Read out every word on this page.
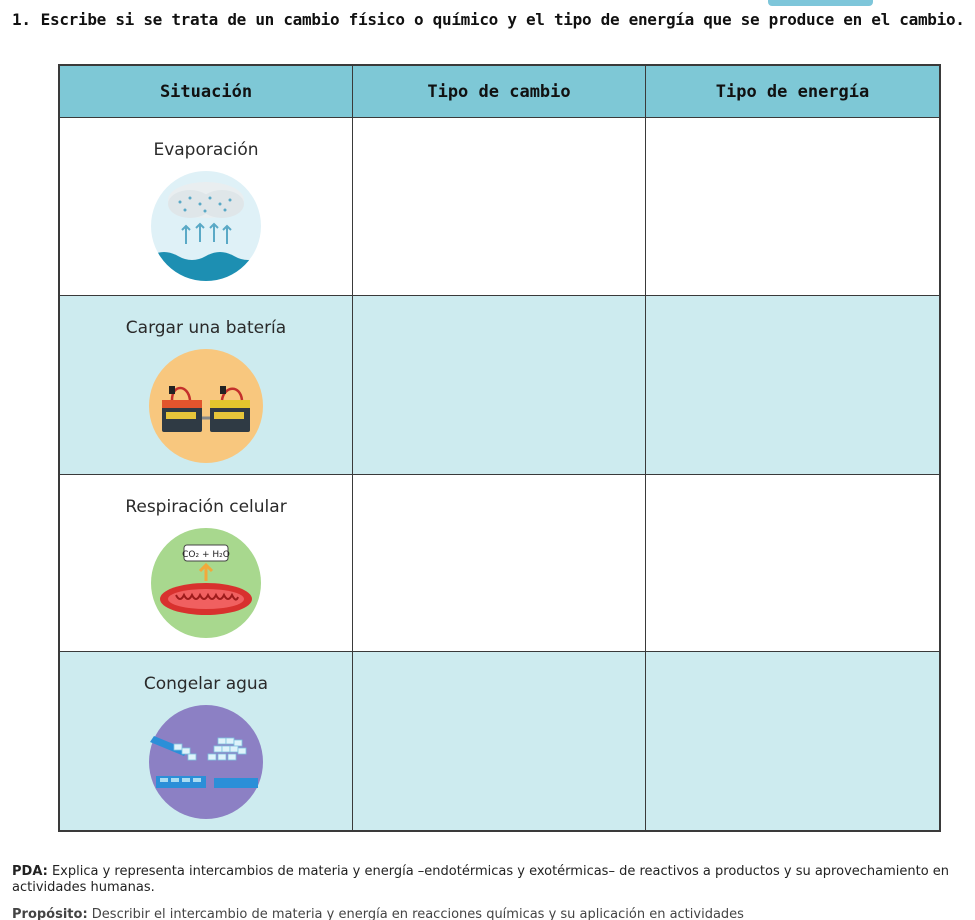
1. Escribe si se trata de un cambio físico o químico y el tipo de energía que se produce en el cambio.
Situación	Tipo de cambio	Tipo de energía
Evaporación
Cargar una batería
Respiración celular
CO₂ + H₂O
Congelar agua
PDA: Explica y representa intercambios de materia y energía –endotérmicas y exotérmicas– de reactivos a productos y su aprovechamiento en actividades humanas.
Propósito: Describir el intercambio de materia y energía en reacciones químicas y su aplicación en actividades
